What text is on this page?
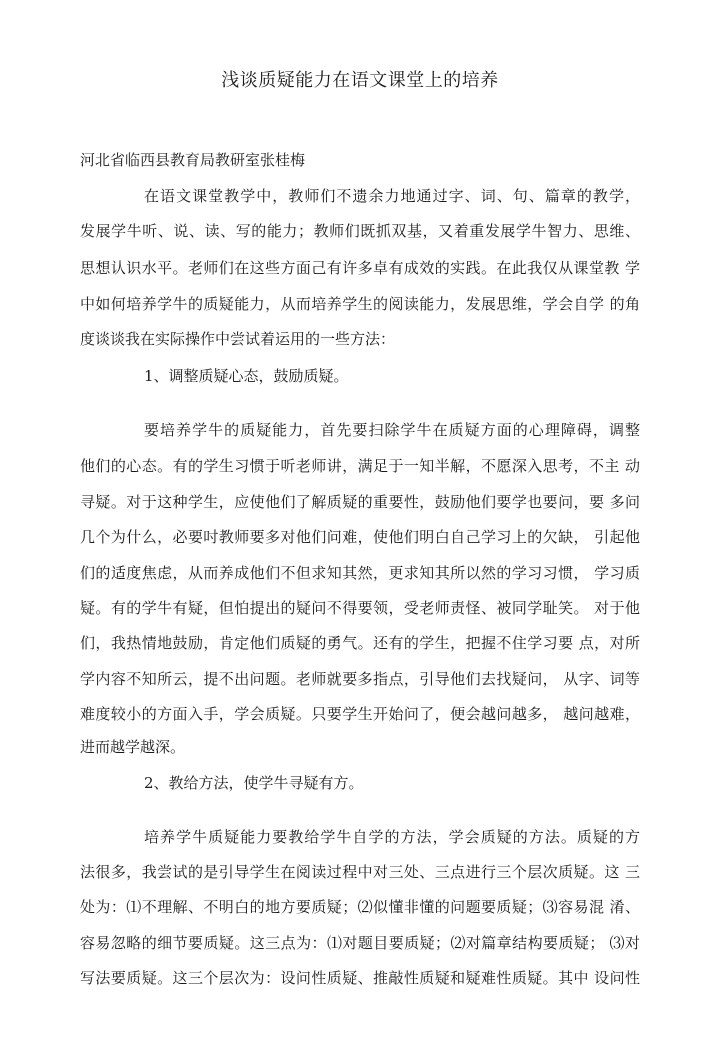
浅谈质疑能力在语文课堂上的培养
河北省临西县教育局教研室张桂梅
在语文课堂教学中，教师们不遗余力地通过字、词、句、篇章的教学，
发展学牛听、说、读、写的能力；教师们既抓双基，又着重发展学牛智力、思维、
思想认识水平。老师们在这些方面己有许多卓有成效的实践。在此我仅从课堂教 学
中如何培养学牛的质疑能力，从而培养学生的阅读能力，发展思维，学会自学 的角
度谈谈我在实际操作中尝试着运用的一些方法：
1、调整质疑心态，鼓励质疑。
要培养学牛的质疑能力，首先要扫除学牛在质疑方面的心理障碍，调整
他们的心态。有的学生习惯于听老师讲，满足于一知半解，不愿深入思考，不主 动
寻疑。对于这种学生，应使他们了解质疑的重要性，鼓励他们要学也要问，要 多问
几个为什么，必要吋教师要多对他们问难，使他们明白自己学习上的欠缺， 引起他
们的适度焦虑，从而养成他们不但求知其然，更求知其所以然的学习习惯， 学习质
疑。有的学牛有疑，但怕提出的疑问不得要领，受老师责怪、被同学耻笑。 对于他
们，我热情地鼓励，肯定他们质疑的勇气。还有的学生，把握不住学习要 点，对所
学内容不知所云，提不出问题。老师就要多指点，引导他们去找疑问， 从字、词等
难度较小的方面入手，学会质疑。只要学生开始问了，便会越问越多， 越问越难，
进而越学越深。
2、教给方法，使学牛寻疑有方。
培养学牛质疑能力要教给学牛自学的方法，学会质疑的方法。质疑的方
法很多，我尝试的是引导学生在阅读过程中对三处、三点进行三个层次质疑。这 三
处为：⑴不理解、不明白的地方要质疑；⑵似懂非懂的问题要质疑；⑶容易混 淆、
容易忽略的细节要质疑。这三点为：⑴对题目要质疑；⑵对篇章结构要质疑； ⑶对
写法要质疑。这三个层次为：设问性质疑、推敲性质疑和疑难性质疑。其中 设问性
